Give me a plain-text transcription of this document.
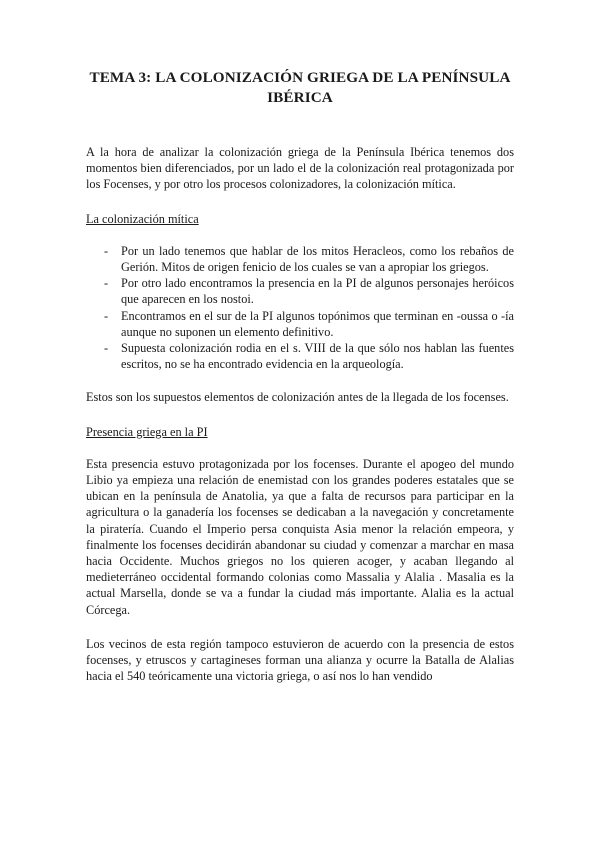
TEMA 3: LA COLONIZACIÓN GRIEGA DE LA PENÍNSULA IBÉRICA

A la hora de analizar la colonización griega de la Península Ibérica tenemos dos momentos bien diferenciados, por un lado el de la colonización real protagonizada por los Focenses, y por otro los procesos colonizadores, la colonización mítica.

La colonización mítica
- Por un lado tenemos que hablar de los mitos Heracleos, como los rebaños de Gerión. Mitos de origen fenicio de los cuales se van a apropiar los griegos.
- Por otro lado encontramos la presencia en la PI de algunos personajes heróicos que aparecen en los nostoi.
- Encontramos en el sur de la PI algunos topónimos que terminan en -oussa o -ía aunque no suponen un elemento definitivo.
- Supuesta colonización rodia en el s. VIII de la que sólo nos hablan las fuentes escritos, no se ha encontrado evidencia en la arqueología.

Estos son los supuestos elementos de colonización antes de la llegada de los focenses.

Presencia griega en la PI

Esta presencia estuvo protagonizada por los focenses. Durante el apogeo del mundo Libio ya empieza una relación de enemistad con los grandes poderes estatales que se ubican en la península de Anatolia, ya que a falta de recursos para participar en la agricultura o la ganadería los focenses se dedicaban a la navegación y concretamente la piratería. Cuando el Imperio persa conquista Asia menor la relación empeora, y finalmente los focenses decidirán abandonar su ciudad y comenzar a marchar en masa hacia Occidente. Muchos griegos no los quieren acoger, y acaban llegando al medieterráneo occidental formando colonias como Massalia y Alalia . Masalia es la actual Marsella, donde se va a fundar la ciudad más importante. Alalia es la actual Córcega.

Los vecinos de esta región tampoco estuvieron de acuerdo con la presencia de estos focenses, y etruscos y cartagineses forman una alianza y ocurre la Batalla de Alalias hacia el 540 teóricamente una victoria griega, o así nos lo han vendido
